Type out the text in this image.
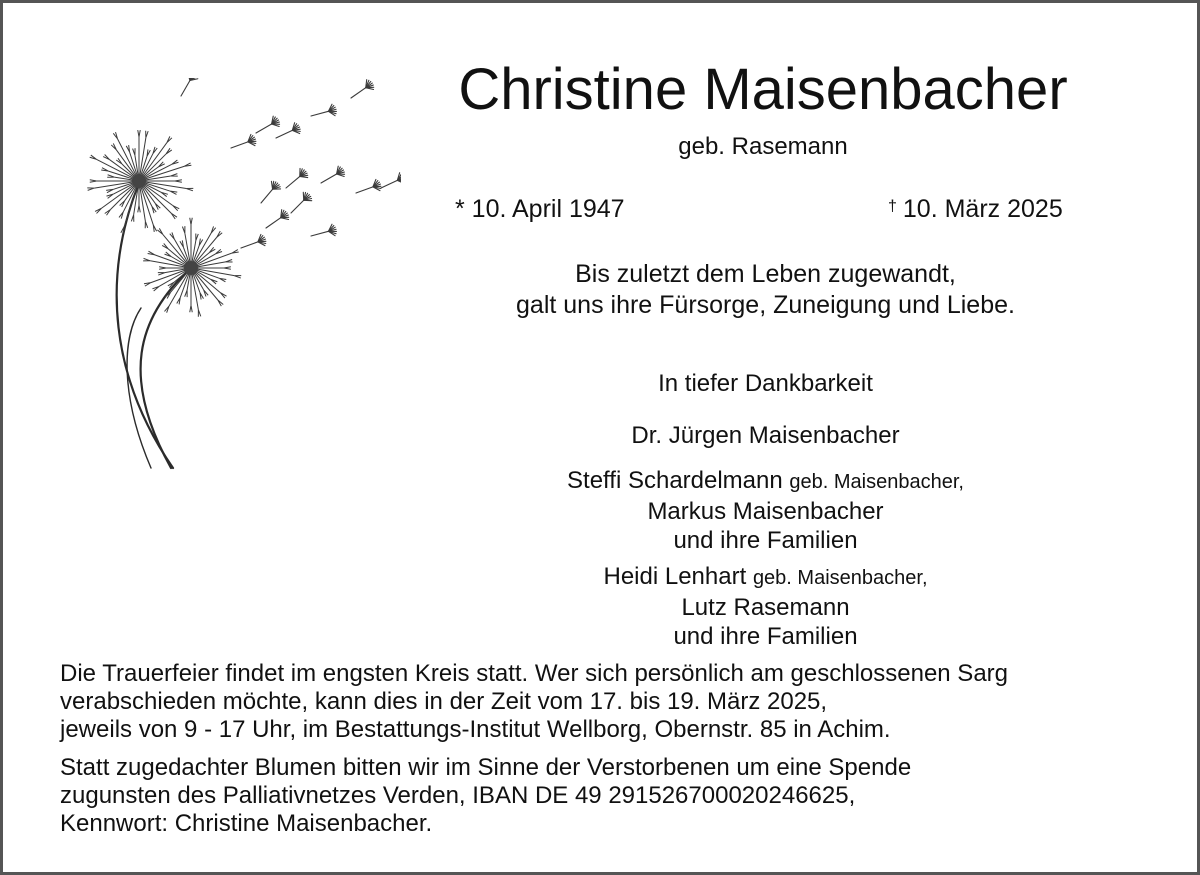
Christine Maisenbacher
geb. Rasemann
* 10. April 1947	† 10. März 2025
Bis zuletzt dem Leben zugewandt,
galt uns ihre Fürsorge, Zuneigung und Liebe.
In tiefer Dankbarkeit
Dr. Jürgen Maisenbacher
Steffi Schardelmann geb. Maisenbacher,
Markus Maisenbacher
und ihre Familien
Heidi Lenhart geb. Maisenbacher,
Lutz Rasemann
und ihre Familien
Die Trauerfeier findet im engsten Kreis statt. Wer sich persönlich am geschlossenen Sarg
verabschieden möchte, kann dies in der Zeit vom 17. bis 19. März 2025,
jeweils von 9 - 17 Uhr, im Bestattungs-Institut Wellborg, Obernstr. 85 in Achim.
Statt zugedachter Blumen bitten wir im Sinne der Verstorbenen um eine Spende
zugunsten des Palliativnetzes Verden, IBAN DE 49 291526700020246625,
Kennwort: Christine Maisenbacher.
